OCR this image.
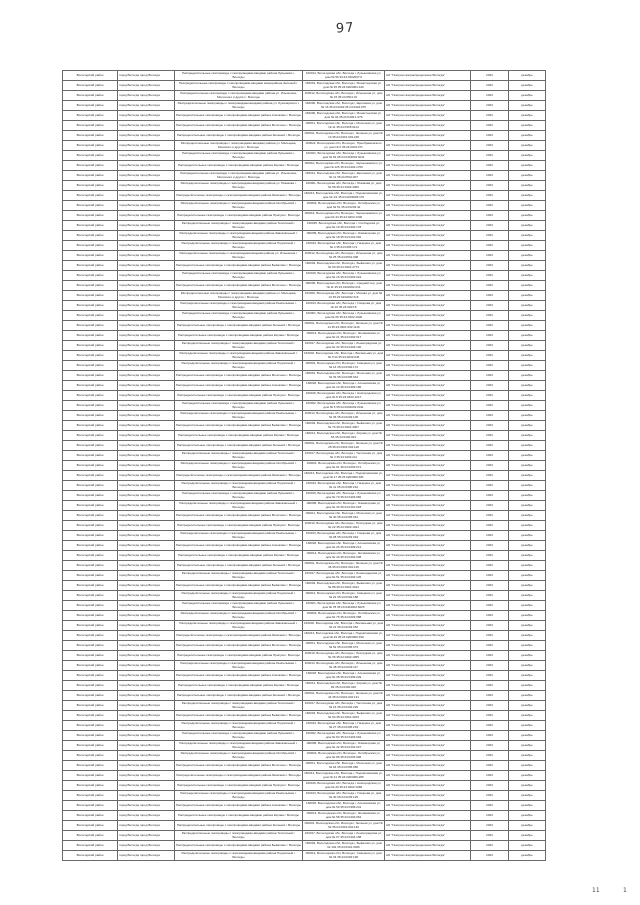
97
Вологодский район	город Вологда город Вологда	Распределительные газопроводы с газопроводами-вводами района Лукьяново г. Вологды	160014, Вологодская обл, Вологда г, Лукьяновская ул, дом № 59 33:24:0102007:6	АО "Газпром газораспределение Вологда"	2023	декабрь
Вологодский район	город Вологда город Вологда	Распределительные газопроводы с газопроводами-вводами микрорайона Зеленый г. Вологды	160001, Вологодская обл, Вологда г, Монастырская ул, дом № 35 35:24:0203004:129	АО "Газпром газораспределение Вологда"	2023	декабрь
Вологодский район	город Вологда город Вологда	Распределительные газопроводы с газопроводами-вводами района ул. Ильюшина, Молочного и других г. Вологды	160012, Вологодская обл, Вологда г, Ильюшина ул, дом № 15 35:24:0501:01	АО "Газпром газораспределение Вологда"	2023	декабрь
Вологодский район	город Вологда город Вологда	Распределительные газопроводы с газопроводами-вводами района ул. Луначарского г. Вологды	160000, Вологодская обл, Вологда г, Щетинина ул, дом № 16 35:24:0202:35 24:0304:075	АО "Газпром газораспределение Вологда"	2023	декабрь
Вологодский район	город Вологда город Вологда	Распределительные газопроводы с газопроводами-вводами района Алешково г. Вологды	160000, Вологодская обл, Вологда г, Монастырская ул, дом № 46 35:24:0309:1:376	АО "Газпром газораспределение Вологда"	2023	декабрь
Вологодский район	город Вологда город Вологда	Распределительные газопроводы с газопроводами-вводами района Молочное г. Вологды	160011, Вологодская обл, Вологда г, Молочная ул, дом № 11 35:24:0305:0114	АО "Газпром газораспределение Вологда"	2023	декабрь
Вологодский район	город Вологда город Вологда	Распределительные газопроводы с газопроводами-вводами района Зеленый г. Вологды	160001, Вологодская обл, Вологда г, Зеленая ул, дом № 13 35:24:0301:003:248	АО "Газпром газораспределение Вологда"	2023	декабрь
Вологодский район	город Вологда город Вологда	Распределительные газопроводы с газопроводами-вводами района ул. Мальцева, Мохового и других г. Вологды	160022, Вологодская обл, Вологда г, Преображенского ул, дом № 6 35:24:0403:071	АО "Газпром газораспределение Вологда"	2023	декабрь
Вологодский район	город Вологда город Вологда	Распределительные газопроводы с газопроводами-вводами района Лукьяново г. Вологды	160021, Вологодская обл, Вологда г, Лукьяновская ул, дом № 62 35:24:0404002:6011	АО "Газпром газораспределение Вологда"	2023	декабрь
Вологодский район	город Вологда город Вологда	Распределительные газопроводы с газопроводами-вводами района Кирова г. Вологды	160010, Вологодская обл, Вологда г, Чернышевского ул, дом № 125 35:24:0402:1706	АО "Газпром газораспределение Вологда"	2023	декабрь
Вологодский район	город Вологда город Вологда	Распределительные газопроводы с газопроводами-вводами района ул. Ильюшина, Молочного и других г. Вологды	160012, Вологодская обл, Вологда г, Щетинина ул, дом № 11 35:24:0501:007	АО "Газпром газораспределение Вологда"	2023	декабрь
Вологодский район	город Вологда город Вологда	Распределительные газопроводы с газопроводами-вводами района ул. Южакова г. Вологды	160001, Вологодская обл, Вологда г, Южакова ул, дом № 58 35:24:0102:4006	АО "Газпром газораспределение Вологда"	2023	декабрь
Вологодский район	город Вологда город Вологда	Распределительные газопроводы с газопроводами-вводами района Яковлево г. Вологды	160013, Вологодская обл, Вологда г, Подшипниковая ул, дом № 1/1 35:24:0203006:176	АО "Газпром газораспределение Вологда"	2023	декабрь
Вологодский район	город Вологда город Вологда	Распределительные газопроводы с газопроводами-вводами района Октябрьский г. Вологды	160004, Вологодская обл, Вологда г, Октябрьская ул, дом № 51 35:24:0203:42	АО "Газпром газораспределение Вологда"	2023	декабрь
Вологодский район	город Вологда город Вологда	Распределительные газопроводы с газопроводами-вводами района Прилуки г. Вологды	160019, Вологодская обл, Вологда г, Чернышевского ул, дом № 44 35:24:0402:1300	АО "Газпром газораспределение Вологда"	2023	декабрь
Вологодский район	город Вологда город Вологда	Распределительные газопроводы с газопроводами-вводами района Тепличный г. Вологды	160035, Вологодская обл, Вологда г, Слободская ул, дом № 19 35:24:0304:178	АО "Газпром газораспределение Вологда"	2023	декабрь
Вологодский район	город Вологда город Вологда	Распределительные газопроводы с газопроводами-вводами района Завокзальный г. Вологды	160009, Вологодская обл, Вологда г, Элеваторная ул, дом № 18 35:24:0101:002	АО "Газпром газораспределение Вологда"	2023	декабрь
Вологодский район	город Вологда город Вологда	Распределительные газопроводы с газопроводами-вводами района Подлесный г. Вологды	160014, Вологодская обл, Вологда г, Гагарина ул, дом № 4 35:24:0405:174	АО "Газпром газораспределение Вологда"	2023	декабрь
Вологодский район	город Вологда город Вологда	Распределительные газопроводы с газопроводами-вводами района ул. Ильюшина г. Вологды	160012, Вологодская обл, Вологда г, Ильюшина ул, дом № 25 35:24:0501:008	АО "Газпром газораспределение Вологда"	2023	декабрь
Вологодский район	город Вологда город Вологда	Распределительные газопроводы с газопроводами-вводами района Бывалово г. Вологды	160004, Вологодская обл, Вологда г, Бывалово ул, дом № 69 35:24:0401:2774	АО "Газпром газораспределение Вологда"	2023	декабрь
Вологодский район	город Вологда город Вологда	Распределительные газопроводы с газопроводами-вводами района Лукьяново г. Вологды	160019, Вологодская обл, Вологда г, Лукьяновская ул, дом № 16 35:24:0403:024	АО "Газпром газораспределение Вологда"	2023	декабрь
Вологодский район	город Вологда город Вологда	Распределительные газопроводы с газопроводами-вводами района Молочное г. Вологды	160000, Вологодская обл, Вологда г, Средний пер, дом № 11 35:24:0102002:214	АО "Газпром газораспределение Вологда"	2023	декабрь
Вологодский район	город Вологда город Вологда	Распределительные газопроводы с газопроводами-вводами района ул. Мальцева, Мохового и других г. Вологды	160000, Вологодская обл, Вологда г, Мохова ул, дом № 13 35:24:0102002:216	АО "Газпром газораспределение Вологда"	2023	декабрь
Вологодский район	город Вологда город Вологда	Распределительные газопроводы с газопроводами-вводами района Ремсельмаш г. Вологды	160013, Вологодская обл, Вологда г, Говорова ул, дом № 16 35:24:0203:8	АО "Газпром газораспределение Вологда"	2023	декабрь
Вологодский район	город Вологда город Вологда	Распределительные газопроводы с газопроводами-вводами района Лукьяново г. Вологды	160001, Вологодская обл, Вологда г, Лукьяновская ул, дом № 66 35:24:0102:1006	АО "Газпром газораспределение Вологда"	2023	декабрь
Вологодский район	город Вологда город Вологда	Распределительные газопроводы с газопроводами-вводами района Зеленый г. Вологды	160001, Вологодская обл, Вологда г, Зеленая ул, дом № 14 35:24:0301:003:1116	АО "Газпром газораспределение Вологда"	2023	декабрь
Вологодский район	город Вологда город Вологда	Распределительные газопроводы с газопроводами-вводами района Кирова г. Вологды	160014, Вологодская обл, Вологда г, Зосимовская ул, дом № 21 35:24:0402:017	АО "Газпром газораспределение Вологда"	2023	декабрь
Вологодский район	город Вологда город Вологда	Распределительные газопроводы с газопроводами-вводами района Тепличный г. Вологды	160017, Вологодская обл, Вологда г, Ленинградская ул, дом № 33 35:24:0404:130	АО "Газпром газораспределение Вологда"	2023	декабрь
Вологодский район	город Вологда город Вологда	Распределительные газопроводы с газопроводами-вводами района Завокзальный г. Вологды	160002, Вологодская обл, Вологда г, Вокзальная ул, дом № 7/14 35:24:0203:046	АО "Газпром газораспределение Вологда"	2023	декабрь
Вологодский район	город Вологда город Вологда	Распределительные газопроводы с газопроводами-вводами района Подлесный г. Вологды	160001, Вологодская обл, Вологда г, Северная ул, дом № 14 35:24:0302:172	АО "Газпром газораспределение Вологда"	2023	декабрь
Вологодский район	город Вологда город Вологда	Распределительные газопроводы с газопроводами-вводами района Молочное г. Вологды	160901, Вологодская обл, Вологда г, Молочная ул, дом № 33 35:24:0305:044	АО "Газпром газораспределение Вологда"	2023	декабрь
Вологодский район	город Вологда город Вологда	Распределительные газопроводы с газопроводами-вводами района Алешково г. Вологды	160018, Вологодская обл, Вологда г, Алешковская ул, дом № 10 35:24:0309:186	АО "Газпром газораспределение Вологда"	2023	декабрь
Вологодский район	город Вологда город Вологда	Распределительные газопроводы с газопроводами-вводами района Прилуки г. Вологды	160019, Вологодская обл, Вологда г, Новгородская ул, дом № 8 35:24:0402:1017	АО "Газпром газораспределение Вологда"	2023	декабрь
Вологодский район	город Вологда город Вологда	Распределительные газопроводы с газопроводами-вводами района Лукьяново г. Вологды	160022, Вологодская обл, Вологда г, Лукьяновская ул, дом № 5 35:24:0404002:2011	АО "Газпром газораспределение Вологда"	2023	декабрь
Вологодский район	город Вологда город Вологда	Распределительные газопроводы с газопроводами-вводами района Ремсельмаш г. Вологды	160013, Вологодская обл, Вологда г, Ильюшина ул, дом № 36 35:24:0203:106	АО "Газпром газораспределение Вологда"	2023	декабрь
Вологодский район	город Вологда город Вологда	Распределительные газопроводы с газопроводами-вводами района Бывалово г. Вологды	160004, Вологодская обл, Вологда г, Бывалово ул, дом № 76 35:24:0401:3007	АО "Газпром газораспределение Вологда"	2023	декабрь
Вологодский район	город Вологда город Вологда	Распределительные газопроводы с газопроводами-вводами района Кирова г. Вологды	160014, Вологодская обл, Вологда г, Кирова ул, дом № 64 35:24:0402:023	АО "Газпром газораспределение Вологда"	2023	декабрь
Вологодский район	город Вологда город Вологда	Распределительные газопроводы с газопроводами-вводами района Зеленый г. Вологды	160001, Вологодская обл, Вологда г, Зеленая ул, дом № 28 35:24:0301:004:118	АО "Газпром газораспределение Вологда"	2023	декабрь
Вологодский район	город Вологда город Вологда	Распределительные газопроводы с газопроводами-вводами района Тепличный г. Вологды	160017, Вологодская обл, Вологда г, Тепличная ул, дом № 3 35:24:0404:211	АО "Газпром газораспределение Вологда"	2023	декабрь
Вологодский район	город Вологда город Вологда	Распределительные газопроводы с газопроводами-вводами района Октябрьский г. Вологды	160004, Вологодская обл, Вологда г, Октябрьская ул, дом № 61 35:24:0203:071	АО "Газпром газораспределение Вологда"	2023	декабрь
Вологодский район	город Вологда город Вологда	Распределительные газопроводы с газопроводами-вводами района Яковлево г. Вологды	160013, Вологодская обл, Вологда г, Подшипниковая ул, дом № 17 35:24:0203006:181	АО "Газпром газораспределение Вологда"	2023	декабрь
Вологодский район	город Вологда город Вологда	Распределительные газопроводы с газопроводами-вводами района Подлесный г. Вологды	160014, Вологодская обл, Вологда г, Гагарина ул, дом № 11 35:24:0405:210	АО "Газпром газораспределение Вологда"	2023	декабрь
Вологодский район	город Вологда город Вологда	Распределительные газопроводы с газопроводами-вводами района Лукьяново г. Вологды	160019, Вологодская обл, Вологда г, Лукьяновская ул, дом № 70 35:24:0403:082	АО "Газпром газораспределение Вологда"	2023	декабрь
Вологодский район	город Вологда город Вологда	Распределительные газопроводы с газопроводами-вводами района Завокзальный г. Вологды	160009, Вологодская обл, Вологда г, Элеваторная ул, дом № 30 35:24:0101:018	АО "Газпром газораспределение Вологда"	2023	декабрь
Вологодский район	город Вологда город Вологда	Распределительные газопроводы с газопроводами-вводами района Молочное г. Вологды	160011, Вологодская обл, Вологда г, Молочная ул, дом № 40 35:24:0305:061	АО "Газпром газораспределение Вологда"	2023	декабрь
Вологодский район	город Вологда город Вологда	Распределительные газопроводы с газопроводами-вводами района Прилуки г. Вологды	160019, Вологодская обл, Вологда г, Прилуцкая ул, дом № 22 35:24:0402:1041	АО "Газпром газораспределение Вологда"	2023	декабрь
Вологодский район	город Вологда город Вологда	Распределительные газопроводы с газопроводами-вводами района Ремсельмаш г. Вологды	160013, Вологодская обл, Вологда г, Говорова ул, дом № 28 35:24:0203:094	АО "Газпром газораспределение Вологда"	2023	декабрь
Вологодский район	город Вологда город Вологда	Распределительные газопроводы с газопроводами-вводами района Алешково г. Вологды	160018, Вологодская обл, Вологда г, Алешковская ул, дом № 26 35:24:0309:214	АО "Газпром газораспределение Вологда"	2023	декабрь
Вологодский район	город Вологда город Вологда	Распределительные газопроводы с газопроводами-вводами района Кирова г. Вологды	160014, Вологодская обл, Вологда г, Зосимовская ул, дом № 40 35:24:0402:038	АО "Газпром газораспределение Вологда"	2023	декабрь
Вологодский район	город Вологда город Вологда	Распределительные газопроводы с газопроводами-вводами района Зеленый г. Вологды	160001, Вологодская обл, Вологда г, Зеленая ул, дом № 36 35:24:0301:004:126	АО "Газпром газораспределение Вологда"	2023	декабрь
Вологодский район	город Вологда город Вологда	Распределительные газопроводы с газопроводами-вводами района Тепличный г. Вологды	160017, Вологодская обл, Вологда г, Ленинградская ул, дом № 51 35:24:0404:145	АО "Газпром газораспределение Вологда"	2023	декабрь
Вологодский район	город Вологда город Вологда	Распределительные газопроводы с газопроводами-вводами района Бывалово г. Вологды	160004, Вологодская обл, Вологда г, Бывалово ул, дом № 88 35:24:0401:3012	АО "Газпром газораспределение Вологда"	2023	декабрь
Вологодский район	город Вологда город Вологда	Распределительные газопроводы с газопроводами-вводами района Подлесный г. Вологды	160014, Вологодская обл, Вологда г, Северная ул, дом № 22 35:24:0302:188	АО "Газпром газораспределение Вологда"	2023	декабрь
Вологодский район	город Вологда город Вологда	Распределительные газопроводы с газопроводами-вводами района Лукьяново г. Вологды	160021, Вологодская обл, Вологда г, Лукьяновская ул, дом № 78 35:24:0404002:6025	АО "Газпром газораспределение Вологда"	2023	декабрь
Вологодский район	город Вологда город Вологда	Распределительные газопроводы с газопроводами-вводами района Октябрьский г. Вологды	160004, Вологодская обл, Вологда г, Октябрьская ул, дом № 75 35:24:0203:088	АО "Газпром газораспределение Вологда"	2023	декабрь
Вологодский район	город Вологда город Вологда	Распределительные газопроводы с газопроводами-вводами района Завокзальный г. Вологды	160002, Вологодская обл, Вологда г, Вокзальная ул, дом № 21 35:24:0203:052	АО "Газпром газораспределение Вологда"	2023	декабрь
Вологодский район	город Вологда город Вологда	Распределительные газопроводы с газопроводами-вводами района Яковлево г. Вологды	160013, Вологодская обл, Вологда г, Подшипниковая ул, дом № 29 35:24:0203006:190	АО "Газпром газораспределение Вологда"	2023	декабрь
Вологодский район	город Вологда город Вологда	Распределительные газопроводы с газопроводами-вводами района Молочное г. Вологды	160011, Вологодская обл, Вологда г, Молочная ул, дом № 52 35:24:0305:073	АО "Газпром газораспределение Вологда"	2023	декабрь
Вологодский район	город Вологда город Вологда	Распределительные газопроводы с газопроводами-вводами района Прилуки г. Вологды	160019, Вологодская обл, Вологда г, Прилуцкая ул, дом № 36 35:24:0402:1055	АО "Газпром газораспределение Вологда"	2023	декабрь
Вологодский район	город Вологда город Вологда	Распределительные газопроводы с газопроводами-вводами района Ремсельмаш г. Вологды	160013, Вологодская обл, Вологда г, Ильюшина ул, дом № 48 35:24:0203:117	АО "Газпром газораспределение Вологда"	2023	декабрь
Вологодский район	город Вологда город Вологда	Распределительные газопроводы с газопроводами-вводами района Алешково г. Вологды	160018, Вологодская обл, Вологда г, Алешковская ул, дом № 38 35:24:0309:229	АО "Газпром газораспределение Вологда"	2023	декабрь
Вологодский район	город Вологда город Вологда	Распределительные газопроводы с газопроводами-вводами района Кирова г. Вологды	160014, Вологодская обл, Вологда г, Кирова ул, дом № 82 35:24:0402:046	АО "Газпром газораспределение Вологда"	2023	декабрь
Вологодский район	город Вологда город Вологда	Распределительные газопроводы с газопроводами-вводами района Зеленый г. Вологды	160001, Вологодская обл, Вологда г, Зеленая ул, дом № 44 35:24:0301:004:131	АО "Газпром газораспределение Вологда"	2023	декабрь
Вологодский район	город Вологда город Вологда	Распределительные газопроводы с газопроводами-вводами района Тепличный г. Вологды	160017, Вологодская обл, Вологда г, Тепличная ул, дом № 15 35:24:0404:226	АО "Газпром газораспределение Вологда"	2023	декабрь
Вологодский район	город Вологда город Вологда	Распределительные газопроводы с газопроводами-вводами района Бывалово г. Вологды	160004, Вологодская обл, Вологда г, Бывалово ул, дом № 94 35:24:0401:3019	АО "Газпром газораспределение Вологда"	2023	декабрь
Вологодский район	город Вологда город Вологда	Распределительные газопроводы с газопроводами-вводами района Подлесный г. Вологды	160014, Вологодская обл, Вологда г, Гагарина ул, дом № 27 35:24:0405:233	АО "Газпром газораспределение Вологда"	2023	декабрь
Вологодский район	город Вологда город Вологда	Распределительные газопроводы с газопроводами-вводами района Лукьяново г. Вологды	160022, Вологодская обл, Вологда г, Лукьяновская ул, дом № 84 35:24:0403:094	АО "Газпром газораспределение Вологда"	2023	декабрь
Вологодский район	город Вологда город Вологда	Распределительные газопроводы с газопроводами-вводами района Завокзальный г. Вологды	160009, Вологодская обл, Вологда г, Элеваторная ул, дом № 42 35:24:0101:027	АО "Газпром газораспределение Вологда"	2023	декабрь
Вологодский район	город Вологда город Вологда	Распределительные газопроводы с газопроводами-вводами района Октябрьский г. Вологды	160004, Вологодская обл, Вологда г, Октябрьская ул, дом № 89 35:24:0203:096	АО "Газпром газораспределение Вологда"	2023	декабрь
Вологодский район	город Вологда город Вологда	Распределительные газопроводы с газопроводами-вводами района Молочное г. Вологды	160011, Вологодская обл, Вологда г, Молочная ул, дом № 64 35:24:0305:082	АО "Газпром газораспределение Вологда"	2023	декабрь
Вологодский район	город Вологда город Вологда	Распределительные газопроводы с газопроводами-вводами района Яковлево г. Вологды	160013, Вологодская обл, Вологда г, Подшипниковая ул, дом № 41 35:24:0203006:205	АО "Газпром газораспределение Вологда"	2023	декабрь
Вологодский район	город Вологда город Вологда	Распределительные газопроводы с газопроводами-вводами района Прилуки г. Вологды	160019, Вологодская обл, Вологда г, Новгородская ул, дом № 20 35:24:0402:1068	АО "Газпром газораспределение Вологда"	2023	декабрь
Вологодский район	город Вологда город Вологда	Распределительные газопроводы с газопроводами-вводами района Ремсельмаш г. Вологды	160013, Вологодская обл, Вологда г, Говорова ул, дом № 40 35:24:0203:125	АО "Газпром газораспределение Вологда"	2023	декабрь
Вологодский район	город Вологда город Вологда	Распределительные газопроводы с газопроводами-вводами района Алешково г. Вологды	160018, Вологодская обл, Вологда г, Алешковская ул, дом № 50 35:24:0309:241	АО "Газпром газораспределение Вологда"	2023	декабрь
Вологодский район	город Вологда город Вологда	Распределительные газопроводы с газопроводами-вводами района Кирова г. Вологды	160014, Вологодская обл, Вологда г, Зосимовская ул, дом № 58 35:24:0402:054	АО "Газпром газораспределение Вологда"	2023	декабрь
Вологодский район	город Вологда город Вологда	Распределительные газопроводы с газопроводами-вводами района Зеленый г. Вологды	160001, Вологодская обл, Вологда г, Зеленая ул, дом № 52 35:24:0301:004:140	АО "Газпром газораспределение Вологда"	2023	декабрь
Вологодский район	город Вологда город Вологда	Распределительные газопроводы с газопроводами-вводами района Тепличный г. Вологды	160017, Вологодская обл, Вологда г, Ленинградская ул, дом № 67 35:24:0404:158	АО "Газпром газораспределение Вологда"	2023	декабрь
Вологодский район	город Вологда город Вологда	Распределительные газопроводы с газопроводами-вводами района Бывалово г. Вологды	160004, Вологодская обл, Вологда г, Бывалово ул, дом № 102 35:24:0401:3026	АО "Газпром газораспределение Вологда"	2023	декабрь
Вологодский район	город Вологда город Вологда	Распределительные газопроводы с газопроводами-вводами района Подлесный г. Вологды	160014, Вологодская обл, Вологда г, Северная ул, дом № 34 35:24:0302:196	АО "Газпром газораспределение Вологда"	2023	декабрь
11	1
